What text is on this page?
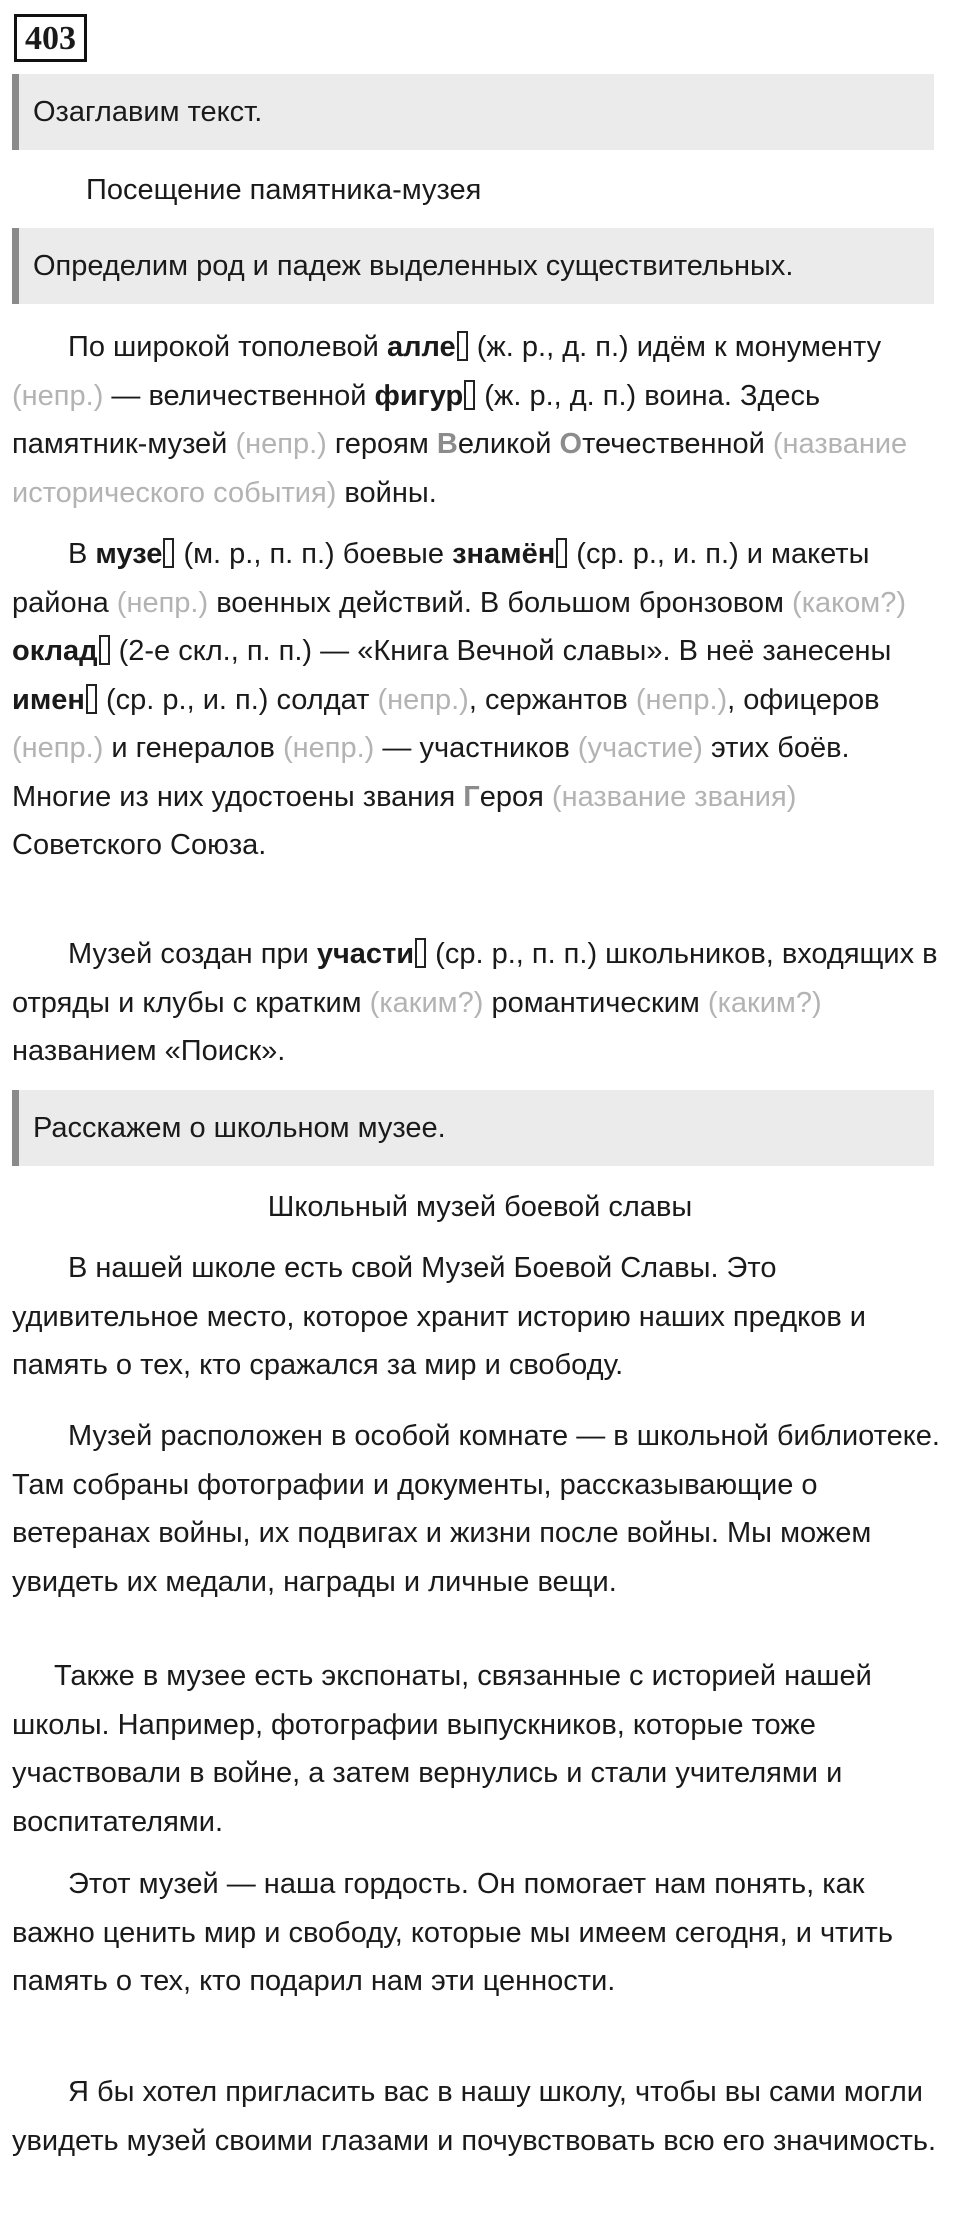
403
Озаглавим текст.
Посещение памятника-музея
Определим род и падеж выделенных существительных.

По широкой тополевой алле (ж. р., д. п.) идём к монументу (непр.) — величественной фигур (ж. р., д. п.) воина. Здесь памятник-музей (непр.) героям Великой Отечественной (название исторического события) войны.

В музе (м. р., п. п.) боевые знамён (ср. р., и. п.) и макеты района (непр.) военных действий. В большом бронзовом (каком?) оклад (2-е скл., п. п.) — «Книга Вечной славы». В неё занесены имен (ср. р., и. п.) солдат (непр.), сержантов (непр.), офицеров (непр.) и генералов (непр.) — участников (участие) этих боёв. Многие из них удостоены звания Героя (название звания) Советского Союза.

Музей создан при участи (ср. р., п. п.) школьников, входящих в отряды и клубы с кратким (каким?) романтическим (каким?) названием «Поиск».

Расскажем о школьном музее.
Школьный музей боевой славы

В нашей школе есть свой Музей Боевой Славы. Это удивительное место, которое хранит историю наших предков и память о тех, кто сражался за мир и свободу.

Музей расположен в особой комнате — в школьной библиотеке. Там собраны фотографии и документы, рассказывающие о ветеранах войны, их подвигах и жизни после войны. Мы можем увидеть их медали, награды и личные вещи.

Также в музее есть экспонаты, связанные с историей нашей школы. Например, фотографии выпускников, которые тоже участвовали в войне, а затем вернулись и стали учителями и воспитателями.

Этот музей — наша гордость. Он помогает нам понять, как важно ценить мир и свободу, которые мы имеем сегодня, и чтить память о тех, кто подарил нам эти ценности.

Я бы хотел пригласить вас в нашу школу, чтобы вы сами могли увидеть музей своими глазами и почувствовать всю его значимость.
